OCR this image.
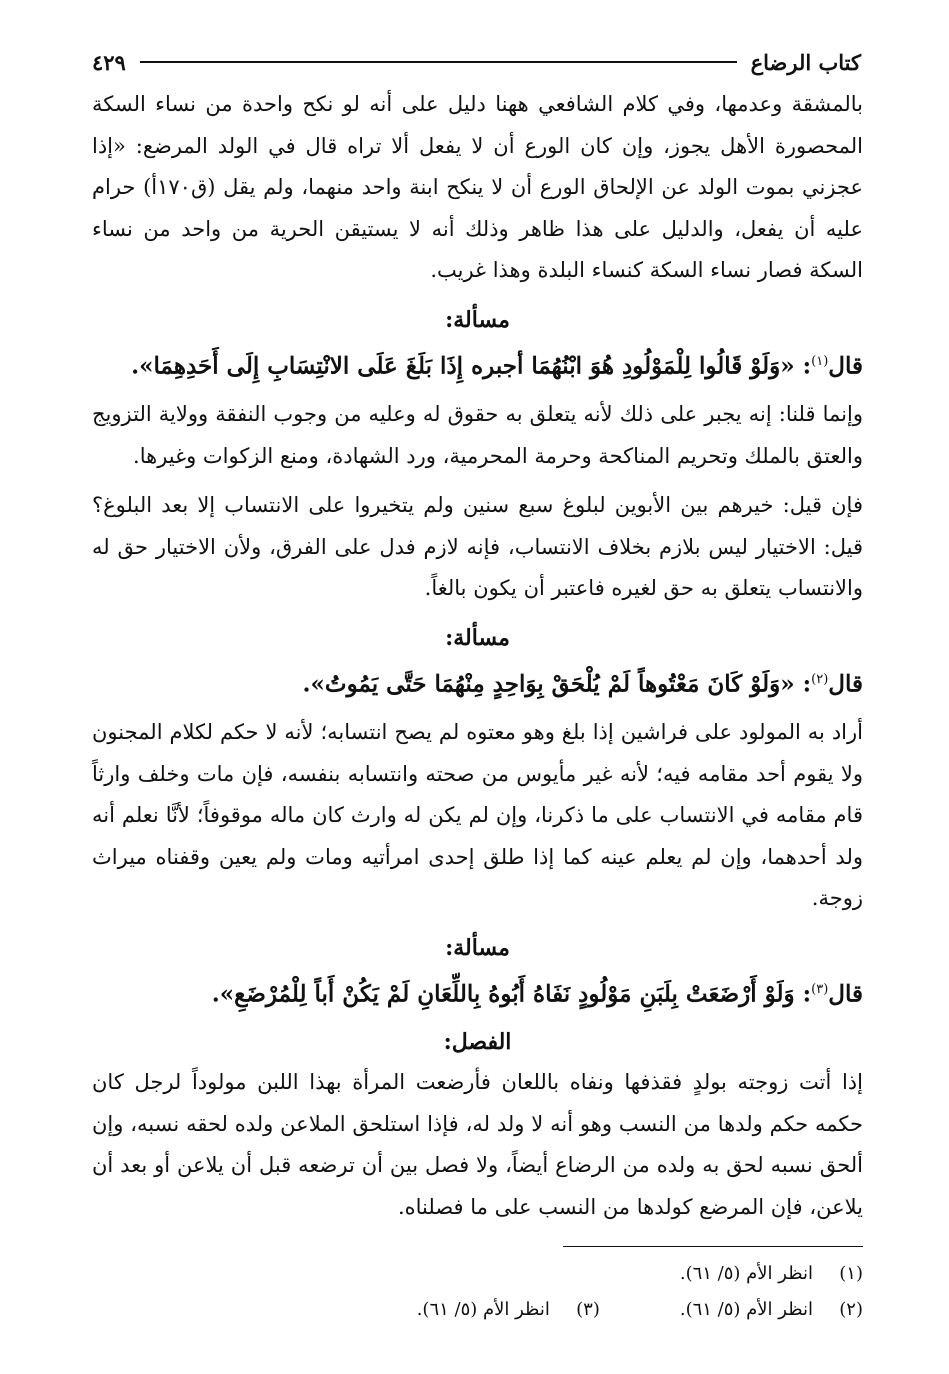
كتاب الرضاع
٤٢٩

بالمشقة وعدمها، وفي كلام الشافعي ههنا دليل على أنه لو نكح واحدة من نساء السكة المحصورة الأهل يجوز، وإن كان الورع أن لا يفعل ألا تراه قال في الولد المرضع: «إذا عجزني بموت الولد عن الإلحاق الورع أن لا ينكح ابنة واحد منهما، ولم يقل (ق١٧٠أ) حرام عليه أن يفعل، والدليل على هذا ظاهر وذلك أنه لا يستيقن الحرية من واحد من نساء السكة فصار نساء السكة كنساء البلدة وهذا غريب.

مسألة:
قال$^{(١)}$: «وَلَوْ قَالُوا لِلْمَوْلُودِ هُوَ ابْنُهُمَا أجبره إِذَا بَلَغَ عَلَى الانْتِسَابِ إِلَى أَحَدِهِمَا».

وإنما قلنا: إنه يجبر على ذلك لأنه يتعلق به حقوق له وعليه من وجوب النفقة وولاية التزويج والعتق بالملك وتحريم المناكحة وحرمة المحرمية، ورد الشهادة، ومنع الزكوات وغيرها.

فإن قيل: خيرهم بين الأبوين لبلوغ سبع سنين ولم يتخيروا على الانتساب إلا بعد البلوغ؟ قيل: الاختيار ليس بلازم بخلاف الانتساب، فإنه لازم فدل على الفرق، ولأن الاختيار حق له والانتساب يتعلق به حق لغيره فاعتبر أن يكون بالغاً.

مسألة:
قال$^{(٢)}$: «وَلَوْ كَانَ مَعْتُوهاً لَمْ يُلْحَقْ بِوَاحِدٍ مِنْهُمَا حَتَّى يَمُوتُ».

أراد به المولود على فراشين إذا بلغ وهو معتوه لم يصح انتسابه؛ لأنه لا حكم لكلام المجنون ولا يقوم أحد مقامه فيه؛ لأنه غير مأيوس من صحته وانتسابه بنفسه، فإن مات وخلف وارثاً قام مقامه في الانتساب على ما ذكرنا، وإن لم يكن له وارث كان ماله موقوفاً؛ لأنَّا نعلم أنه ولد أحدهما، وإن لم يعلم عينه كما إذا طلق إحدى امرأتيه ومات ولم يعين وقفناه ميراث زوجة.

مسألة:
قال$^{(٣)}$: وَلَوْ أَرْضَعَتْ بِلَبَنِ مَوْلُودٍ نَفَاهُ أَبُوهُ بِاللِّعَانِ لَمْ يَكُنْ أَباً لِلْمُرْضَعِ».
الفصل:

إذا أتت زوجته بولدٍ فقذفها ونفاه باللعان فأرضعت المرأة بهذا اللبن مولوداً لرجل كان حكمه حكم ولدها من النسب وهو أنه لا ولد له، فإذا استلحق الملاعن ولده لحقه نسبه، وإن ألحق نسبه لحق به ولده من الرضاع أيضاً، ولا فصل بين أن ترضعه قبل أن يلاعن أو بعد أن يلاعن، فإن المرضع كولدها من النسب على ما فصلناه.

(١)
انظر الأم (٥/ ٦١).
(٢)
انظر الأم (٥/ ٦١).
(٣)
انظر الأم (٥/ ٦١).
